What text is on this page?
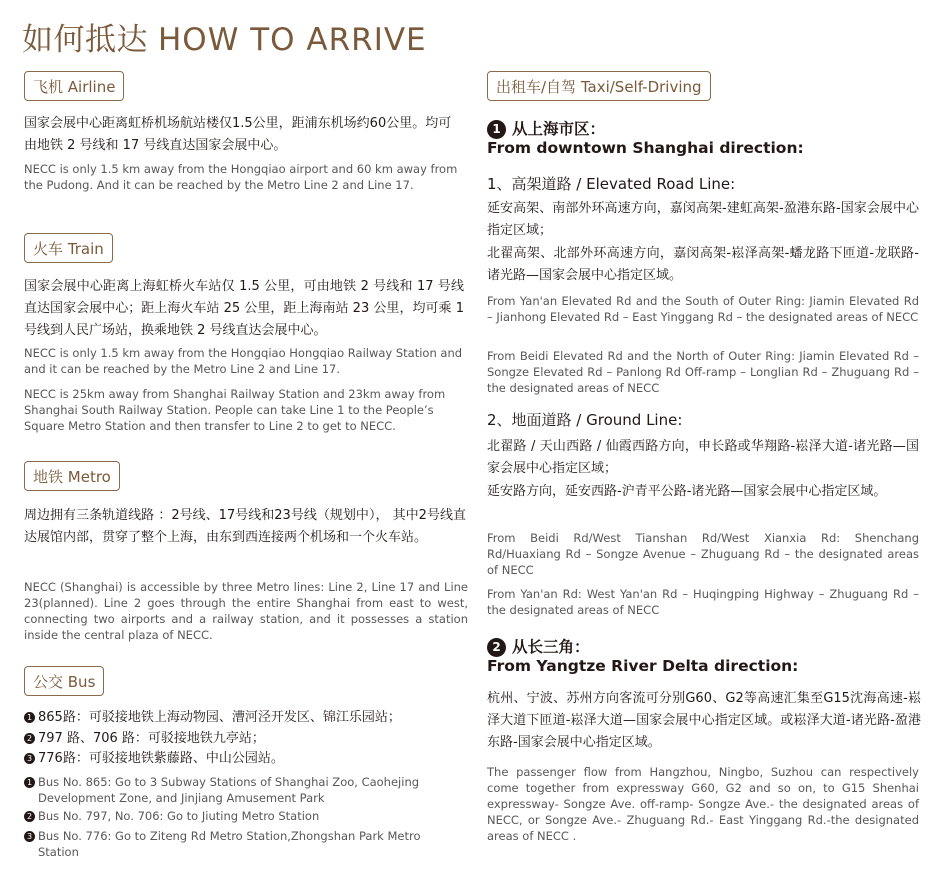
如何抵达 HOW TO ARRIVE
飞机 Airline
国家会展中心距离虹桥机场航站楼仅1.5公里，距浦东机场约60公里。均可由地铁 2 号线和 17 号线直达国家会展中心。
NECC is only 1.5 km away from the Hongqiao airport and 60 km away from the Pudong. And it can be reached by the Metro Line 2 and Line 17.
火车 Train
国家会展中心距离上海虹桥火车站仅 1.5 公里，可由地铁 2 号线和 17 号线直达国家会展中心；距上海火车站 25 公里，距上海南站 23 公里，均可乘 1 号线到人民广场站，换乘地铁 2 号线直达会展中心。
NECC is only 1.5 km away from the Hongqiao Hongqiao Railway Station and and it can be reached by the Metro Line 2 and Line 17.
NECC is 25km away from Shanghai Railway Station and 23km away from Shanghai South Railway Station. People can take Line 1 to the People’s Square Metro Station and then transfer to Line 2 to get to NECC.
地铁 Metro
周边拥有三条轨道线路 ：2号线、17号线和23号线（规划中）， 其中2号线直达展馆内部，贯穿了整个上海，由东到西连接两个机场和一个火车站。
NECC (Shanghai) is accessible by three Metro lines: Line 2, Line 17 and Line 23(planned). Line 2 goes through the entire Shanghai from east to west, connecting two airports and a railway station, and it possesses a station inside the central plaza of NECC.
公交 Bus
1 865路：可驳接地铁上海动物园、漕河泾开发区、锦江乐园站；
2 797 路、706 路：可驳接地铁九亭站；
3 776路：可驳接地铁紫藤路、中山公园站。
1 Bus No. 865: Go to 3 Subway Stations of Shanghai Zoo, Caohejing Development Zone, and Jinjiang Amusement Park
2 Bus No. 797, No. 706: Go to Jiuting Metro Station
3 Bus No. 776: Go to Ziteng Rd Metro Station,Zhongshan Park Metro Station
出租车/自驾 Taxi/Self-Driving
1 从上海市区：
From downtown Shanghai direction:
1、高架道路 / Elevated Road Line:
延安高架、南部外环高速方向，嘉闵高架-建虹高架-盈港东路-国家会展中心指定区域；
北翟高架、北部外环高速方向，嘉闵高架-崧泽高架-蟠龙路下匝道-龙联路-诸光路—国家会展中心指定区域。
From Yan'an Elevated Rd and the South of Outer Ring: Jiamin Elevated Rd – Jianhong Elevated Rd – East Yinggang Rd – the designated areas of NECC
From Beidi Elevated Rd and the North of Outer Ring: Jiamin Elevated Rd – Songze Elevated Rd – Panlong Rd Off-ramp – Longlian Rd – Zhuguang Rd – the designated areas of NECC
2、地面道路 / Ground Line:
北翟路 / 天山西路 / 仙霞西路方向，申长路或华翔路-崧泽大道-诸光路—国家会展中心指定区域；
延安路方向，延安西路-沪青平公路-诸光路—国家会展中心指定区域。
From Beidi Rd/West Tianshan Rd/West Xianxia Rd: Shenchang Rd/Huaxiang Rd – Songze Avenue – Zhuguang Rd – the designated areas of NECC
From Yan'an Rd: West Yan'an Rd – Huqingping Highway – Zhuguang Rd – the designated areas of NECC
2 从长三角：
From Yangtze River Delta direction:
杭州、宁波、苏州方向客流可分别G60、G2等高速汇集至G15沈海高速-崧泽大道下匝道-崧泽大道—国家会展中心指定区域。或崧泽大道-诸光路-盈港东路-国家会展中心指定区域。
The passenger flow from Hangzhou, Ningbo, Suzhou can respectively come together from expressway G60, G2 and so on, to G15 Shenhai expressway- Songze Ave. off-ramp- Songze Ave.- the designated areas of NECC, or Songze Ave.- Zhuguang Rd.- East Yinggang Rd.-the designated areas of NECC .
